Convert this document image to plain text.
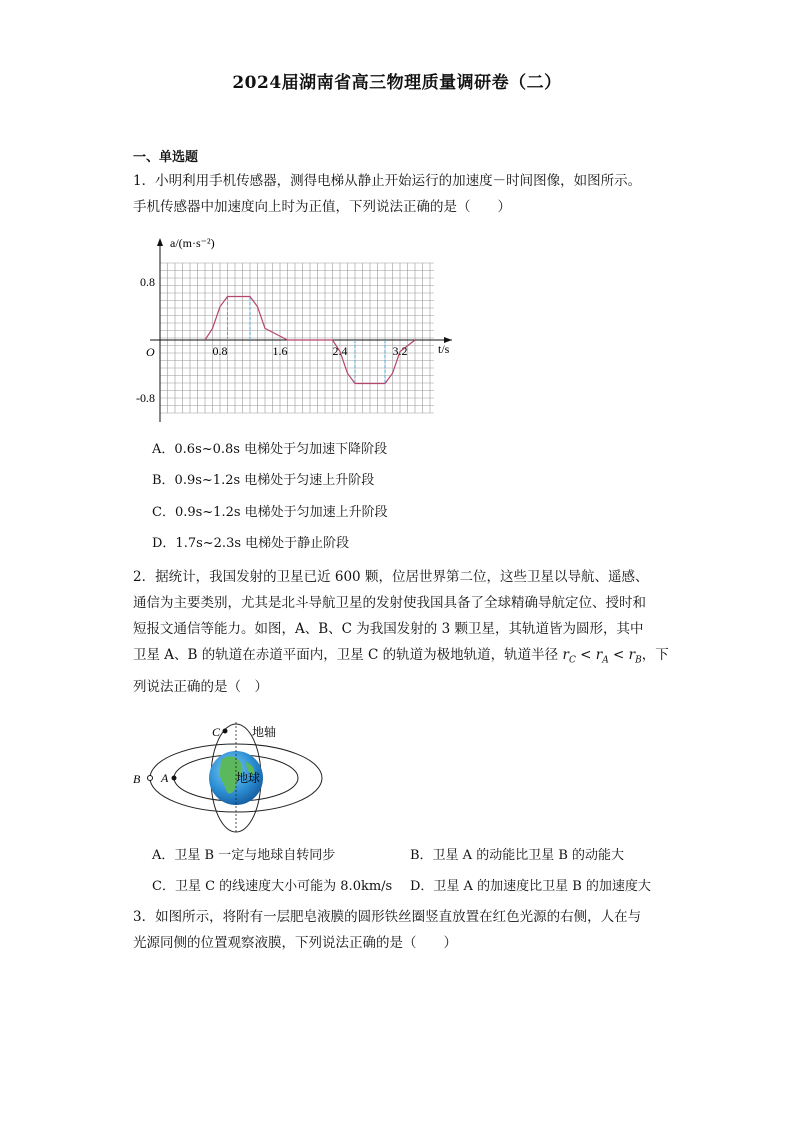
2024届湖南省高三物理质量调研卷（二）
一、单选题
1．小明利用手机传感器，测得电梯从静止开始运行的加速度－时间图像，如图所示。
手机传感器中加速度向上时为正值，下列说法正确的是（　　）
0.8	1.6	2.4	3.2
0.8
-0.8
O
a/(m·s⁻²)
t/s
A．0.6s~0.8s 电梯处于匀加速下降阶段
B．0.9s~1.2s 电梯处于匀速上升阶段
C．0.9s~1.2s 电梯处于匀加速上升阶段
D．1.7s~2.3s 电梯处于静止阶段
2．据统计，我国发射的卫星已近 600 颗，位居世界第二位，这些卫星以导航、遥感、
通信为主要类别，尤其是北斗导航卫星的发射使我国具备了全球精确导航定位、授时和
短报文通信等能力。如图，A、B、C 为我国发射的 3 颗卫星，其轨道皆为圆形，其中
卫星 A、B 的轨道在赤道平面内，卫星 C 的轨道为极地轨道，轨道半径 $r_C < r_A < r_B$，下
列说法正确的是（　）
C	地轴
B A	地球
A．卫星 B 一定与地球自转同步	B．卫星 A 的动能比卫星 B 的动能大
C．卫星 C 的线速度大小可能为 8.0km/s D．卫星 A 的加速度比卫星 B 的加速度大
3．如图所示，将附有一层肥皂液膜的圆形铁丝圈竖直放置在红色光源的右侧，人在与
光源同侧的位置观察液膜，下列说法正确的是（　　）
